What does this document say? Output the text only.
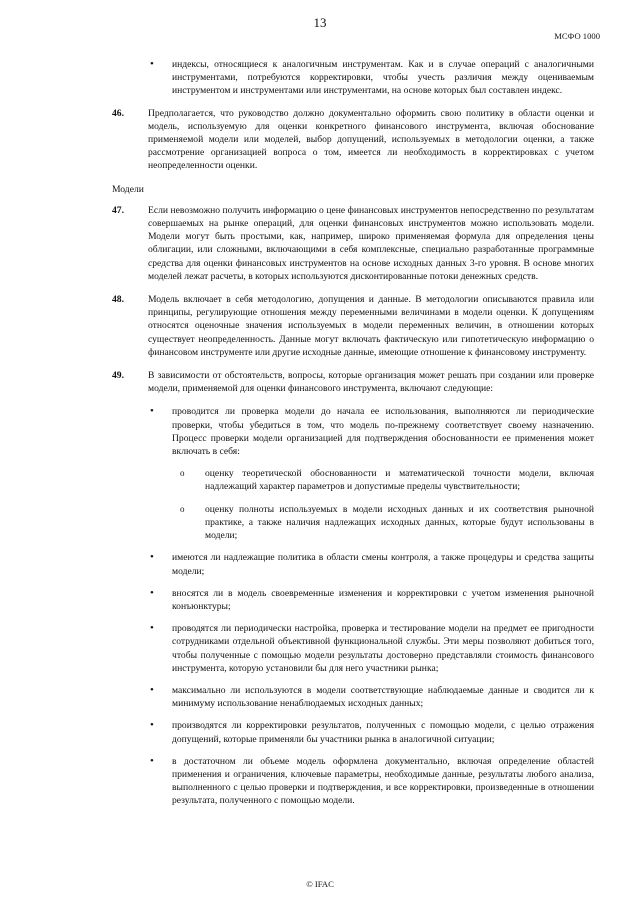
13
МСФО 1000
• индексы, относящиеся к аналогичным инструментам. Как и в случае операций с аналогичными инструментами, потребуются корректировки, чтобы учесть различия между оцениваемым инструментом и инструментами или инструментами, на основе которых был составлен индекс.
46.	Предполагается, что руководство должно документально оформить свою политику в области оценки и модель, используемую для оценки конкретного финансового инструмента, включая обоснование применяемой модели или моделей, выбор допущений, используемых в методологии оценки, а также рассмотрение организацией вопроса о том, имеется ли необходимость в корректировках с учетом неопределенности оценки.
Модели
47.	Если невозможно получить информацию о цене финансовых инструментов непосредственно по результатам совершаемых на рынке операций, для оценки финансовых инструментов можно использовать модели. Модели могут быть простыми, как, например, широко применяемая формула для определения цены облигации, или сложными, включающими в себя комплексные, специально разработанные программные средства для оценки финансовых инструментов на основе исходных данных 3-го уровня. В основе многих моделей лежат расчеты, в которых используются дисконтированные потоки денежных средств.
48.	Модель включает в себя методологию, допущения и данные. В методологии описываются правила или принципы, регулирующие отношения между переменными величинами в модели оценки. К допущениям относятся оценочные значения используемых в модели переменных величин, в отношении которых существует неопределенность. Данные могут включать фактическую или гипотетическую информацию о финансовом инструменте или другие исходные данные, имеющие отношение к финансовому инструменту.
49.	В зависимости от обстоятельств, вопросы, которые организация может решать при создании или проверке модели, применяемой для оценки финансового инструмента, включают следующие:
• проводится ли проверка модели до начала ее использования, выполняются ли периодические проверки, чтобы убедиться в том, что модель по-прежнему соответствует своему назначению. Процесс проверки модели организацией для подтверждения обоснованности ее применения может включать в себя:
o оценку теоретической обоснованности и математической точности модели, включая надлежащий характер параметров и допустимые пределы чувствительности;
o оценку полноты используемых в модели исходных данных и их соответствия рыночной практике, а также наличия надлежащих исходных данных, которые будут использованы в модели;
• имеются ли надлежащие политика в области смены контроля, а также процедуры и средства защиты модели;
• вносятся ли в модель своевременные изменения и корректировки с учетом изменения рыночной конъюнктуры;
• проводятся ли периодически настройка, проверка и тестирование модели на предмет ее пригодности сотрудниками отдельной объективной функциональной службы. Эти меры позволяют добиться того, чтобы полученные с помощью модели результаты достоверно представляли стоимость финансового инструмента, которую установили бы для него участники рынка;
• максимально ли используются в модели соответствующие наблюдаемые данные и сводится ли к минимуму использование ненаблюдаемых исходных данных;
• производятся ли корректировки результатов, полученных с помощью модели, с целью отражения допущений, которые применяли бы участники рынка в аналогичной ситуации;
• в достаточном ли объеме модель оформлена документально, включая определение областей применения и ограничения, ключевые параметры, необходимые данные, результаты любого анализа, выполненного с целью проверки и подтверждения, и все корректировки, произведенные в отношении результата, полученного с помощью модели.
© IFAC
